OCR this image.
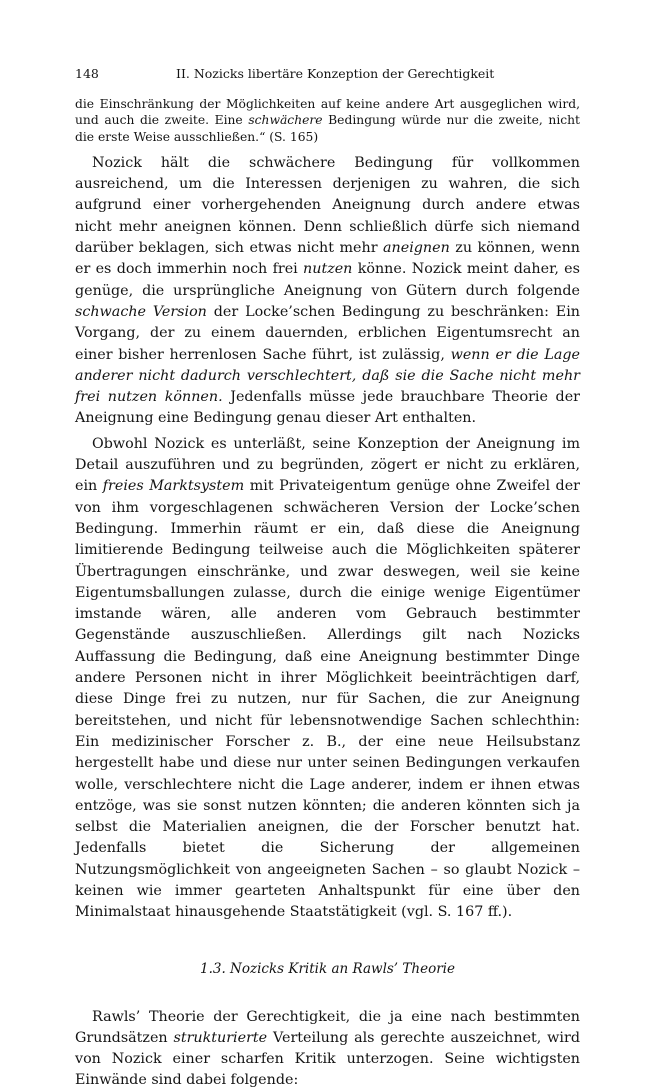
148	II. Nozicks libertäre Konzeption der Gerechtigkeit

die Einschränkung der Möglichkeiten auf keine andere Art ausgeglichen wird, und auch die zweite. Eine schwächere Bedingung würde nur die zweite, nicht die erste Weise ausschließen.“ (S. 165)

Nozick hält die schwächere Bedingung für vollkommen ausreichend, um die Interessen derjenigen zu wahren, die sich aufgrund einer vorhergehenden Aneignung durch andere etwas nicht mehr aneignen können. Denn schließlich dürfe sich niemand darüber beklagen, sich etwas nicht mehr aneignen zu können, wenn er es doch immerhin noch frei nutzen könne. Nozick meint daher, es genüge, die ursprüngliche Aneignung von Gütern durch folgende schwache Version der Locke’schen Bedingung zu beschränken: Ein Vorgang, der zu einem dauernden, erblichen Eigentumsrecht an einer bisher herrenlosen Sache führt, ist zulässig, wenn er die Lage anderer nicht dadurch verschlechtert, daß sie die Sache nicht mehr frei nutzen können. Jedenfalls müsse jede brauchbare Theorie der Aneignung eine Bedingung genau dieser Art enthalten.

Obwohl Nozick es unterläßt, seine Konzeption der Aneignung im Detail auszuführen und zu begründen, zögert er nicht zu erklären, ein freies Marktsystem mit Privateigentum genüge ohne Zweifel der von ihm vorgeschlagenen schwächeren Version der Locke’schen Bedingung. Immerhin räumt er ein, daß diese die Aneignung limitierende Bedingung teilweise auch die Möglichkeiten späterer Übertragungen einschränke, und zwar deswegen, weil sie keine Eigentumsballungen zulasse, durch die einige wenige Eigentümer imstande wären, alle anderen vom Gebrauch bestimmter Gegenstände auszuschließen. Allerdings gilt nach Nozicks Auffassung die Bedingung, daß eine Aneignung bestimmter Dinge andere Personen nicht in ihrer Möglichkeit beeinträchtigen darf, diese Dinge frei zu nutzen, nur für Sachen, die zur Aneignung bereitstehen, und nicht für lebensnotwendige Sachen schlechthin: Ein medizinischer Forscher z. B., der eine neue Heilsubstanz hergestellt habe und diese nur unter seinen Bedingungen verkaufen wolle, verschlechtere nicht die Lage anderer, indem er ihnen etwas entzöge, was sie sonst nutzen könnten; die anderen könnten sich ja selbst die Materialien aneignen, die der Forscher benutzt hat. Jedenfalls bietet die Sicherung der allgemeinen Nutzungsmöglichkeit von angeeigneten Sachen – so glaubt Nozick – keinen wie immer gearteten Anhaltspunkt für eine über den Minimalstaat hinausgehende Staatstätigkeit (vgl. S. 167 ff.).

1.3. Nozicks Kritik an Rawls’ Theorie

Rawls’ Theorie der Gerechtigkeit, die ja eine nach bestimmten Grundsätzen strukturierte Verteilung als gerechte auszeichnet, wird von Nozick einer scharfen Kritik unterzogen. Seine wichtigsten Einwände sind dabei folgende:
